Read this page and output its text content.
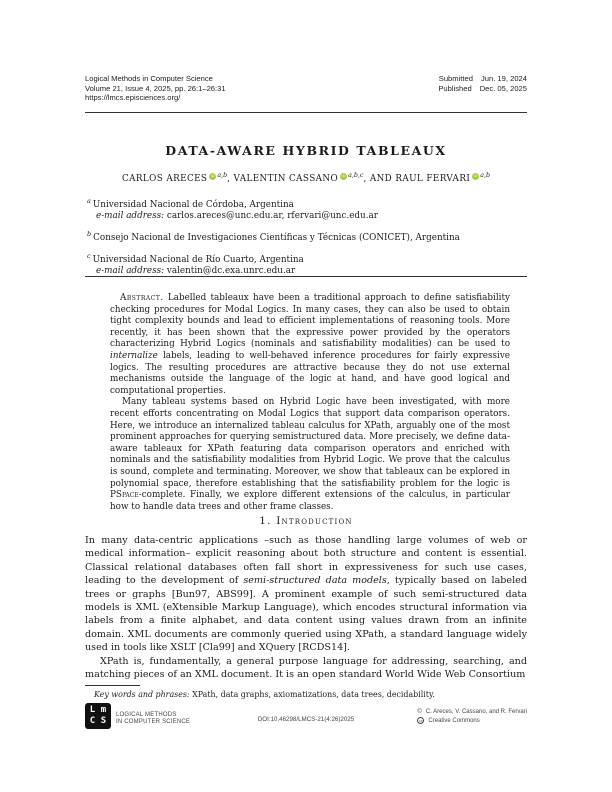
Logical Methods in Computer Science
Volume 21, Issue 4, 2025, pp. 26:1–26:31
https://lmcs.episciences.org/
Submitted Jun. 19, 2024
Published Dec. 05, 2025
DATA-AWARE HYBRID TABLEAUX
CARLOS ARECES iD $^{a,b}$, VALENTIN CASSANO iD $^{a,b,c}$, AND RAUL FERVARI iD $^{a,b}$
$^a$ Universidad Nacional de Córdoba, Argentina
e-mail address: carlos.areces@unc.edu.ar, rfervari@unc.edu.ar
$^b$ Consejo Nacional de Investigaciones Científicas y Técnicas (CONICET), Argentina
$^c$ Universidad Nacional de Río Cuarto, Argentina
e-mail address: valentin@dc.exa.unrc.edu.ar

Abstract. Labelled tableaux have been a traditional approach to define satisfiability checking procedures for Modal Logics. In many cases, they can also be used to obtain tight complexity bounds and lead to efficient implementations of reasoning tools. More recently, it has been shown that the expressive power provided by the operators characterizing Hybrid Logics (nominals and satisfiability modalities) can be used to internalize labels, leading to well-behaved inference procedures for fairly expressive logics. The resulting procedures are attractive because they do not use external mechanisms outside the language of the logic at hand, and have good logical and computational properties.

Many tableau systems based on Hybrid Logic have been investigated, with more recent efforts concentrating on Modal Logics that support data comparison operators. Here, we introduce an internalized tableau calculus for XPath, arguably one of the most prominent approaches for querying semistructured data. More precisely, we define data-aware tableaux for XPath featuring data comparison operators and enriched with nominals and the satisfiability modalities from Hybrid Logic. We prove that the calculus is sound, complete and terminating. Moreover, we show that tableaux can be explored in polynomial space, therefore establishing that the satisfiability problem for the logic is PSpace-complete. Finally, we explore different extensions of the calculus, in particular how to handle data trees and other frame classes.

1. Introduction

In many data-centric applications –such as those handling large volumes of web or medical information– explicit reasoning about both structure and content is essential. Classical relational databases often fall short in expressiveness for such use cases, leading to the development of semi-structured data models, typically based on labeled trees or graphs [Bun97, ABS99]. A prominent example of such semi-structured data models is XML (eXtensible Markup Language), which encodes structural information via labels from a finite alphabet, and data content using values drawn from an infinite domain. XML documents are commonly queried using XPath, a standard language widely used in tools like XSLT [Cla99] and XQuery [RCDS14].

XPath is, fundamentally, a general purpose language for addressing, searching, and matching pieces of an XML document. It is an open standard World Wide Web Consortium

Key words and phrases: XPath, data graphs, axiomatizations, data trees, decidability.
L m
C S
LOGICAL METHODS
IN COMPUTER SCIENCE	DOI:10.46298/LMCS-21(4:26)2025
© C. Areces, V. Cassano, and R. Fervari
cc Creative Commons
